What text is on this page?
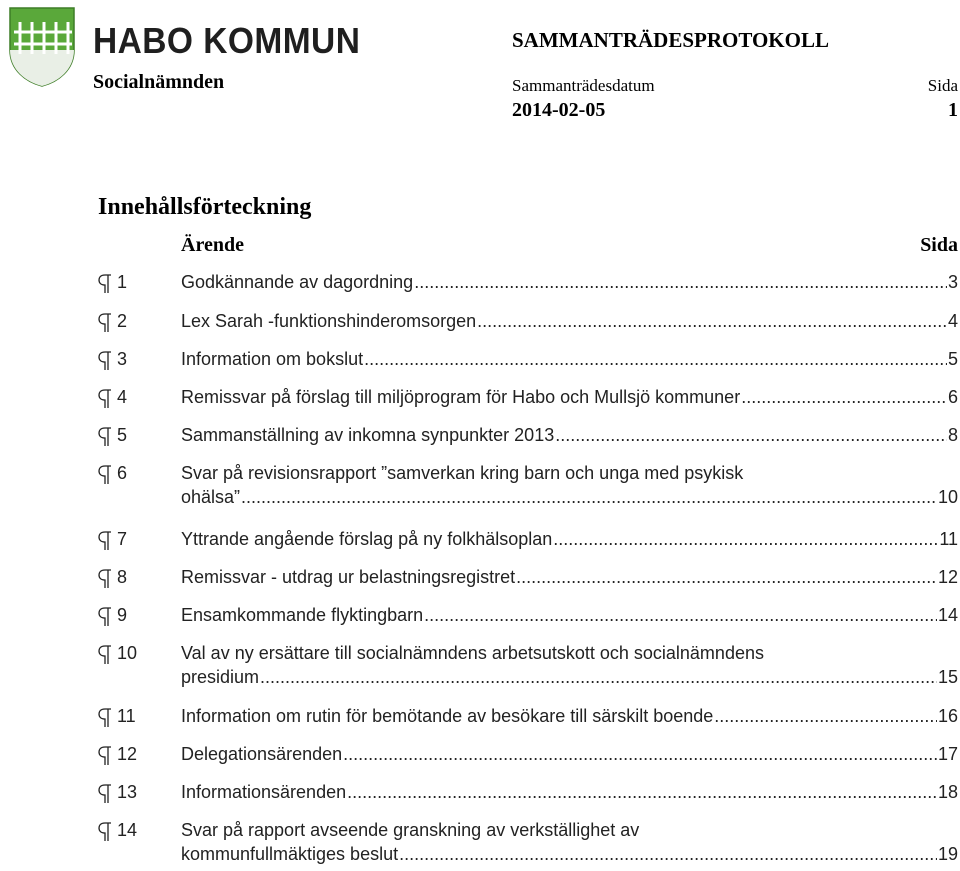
HABO KOMMUN
Socialnämnden
SAMMANTRÄDESPROTOKOLL
Sammanträdesdatum	Sida
2014-02-05	1
Innehållsförteckning
Ärende	Sida
1	Godkännande av dagordning .....	3
2	Lex Sarah -funktionshinderomsorgen .....	4
3	Information om bokslut .....	5
4	Remissvar på förslag till miljöprogram för Habo och Mullsjö kommuner .....	6
5	Sammanställning av inkomna synpunkter 2013 .....	8
6	Svar på revisionsrapport ”samverkan kring barn och unga med psykisk
ohälsa” .....	10
7	Yttrande angående förslag på ny folkhälsoplan .....	11
8	Remissvar - utdrag ur belastningsregistret .....	12
9	Ensamkommande flyktingbarn .....	14
10 Val av ny ersättare till socialnämndens arbetsutskott och socialnämndens
presidium .....	15
11	Information om rutin för bemötande av besökare till särskilt boende .....	16
12 Delegationsärenden .....	17
13 Informationsärenden .....	18
14 Svar på rapport avseende granskning av verkställighet av
kommunfullmäktiges beslut .....	19
